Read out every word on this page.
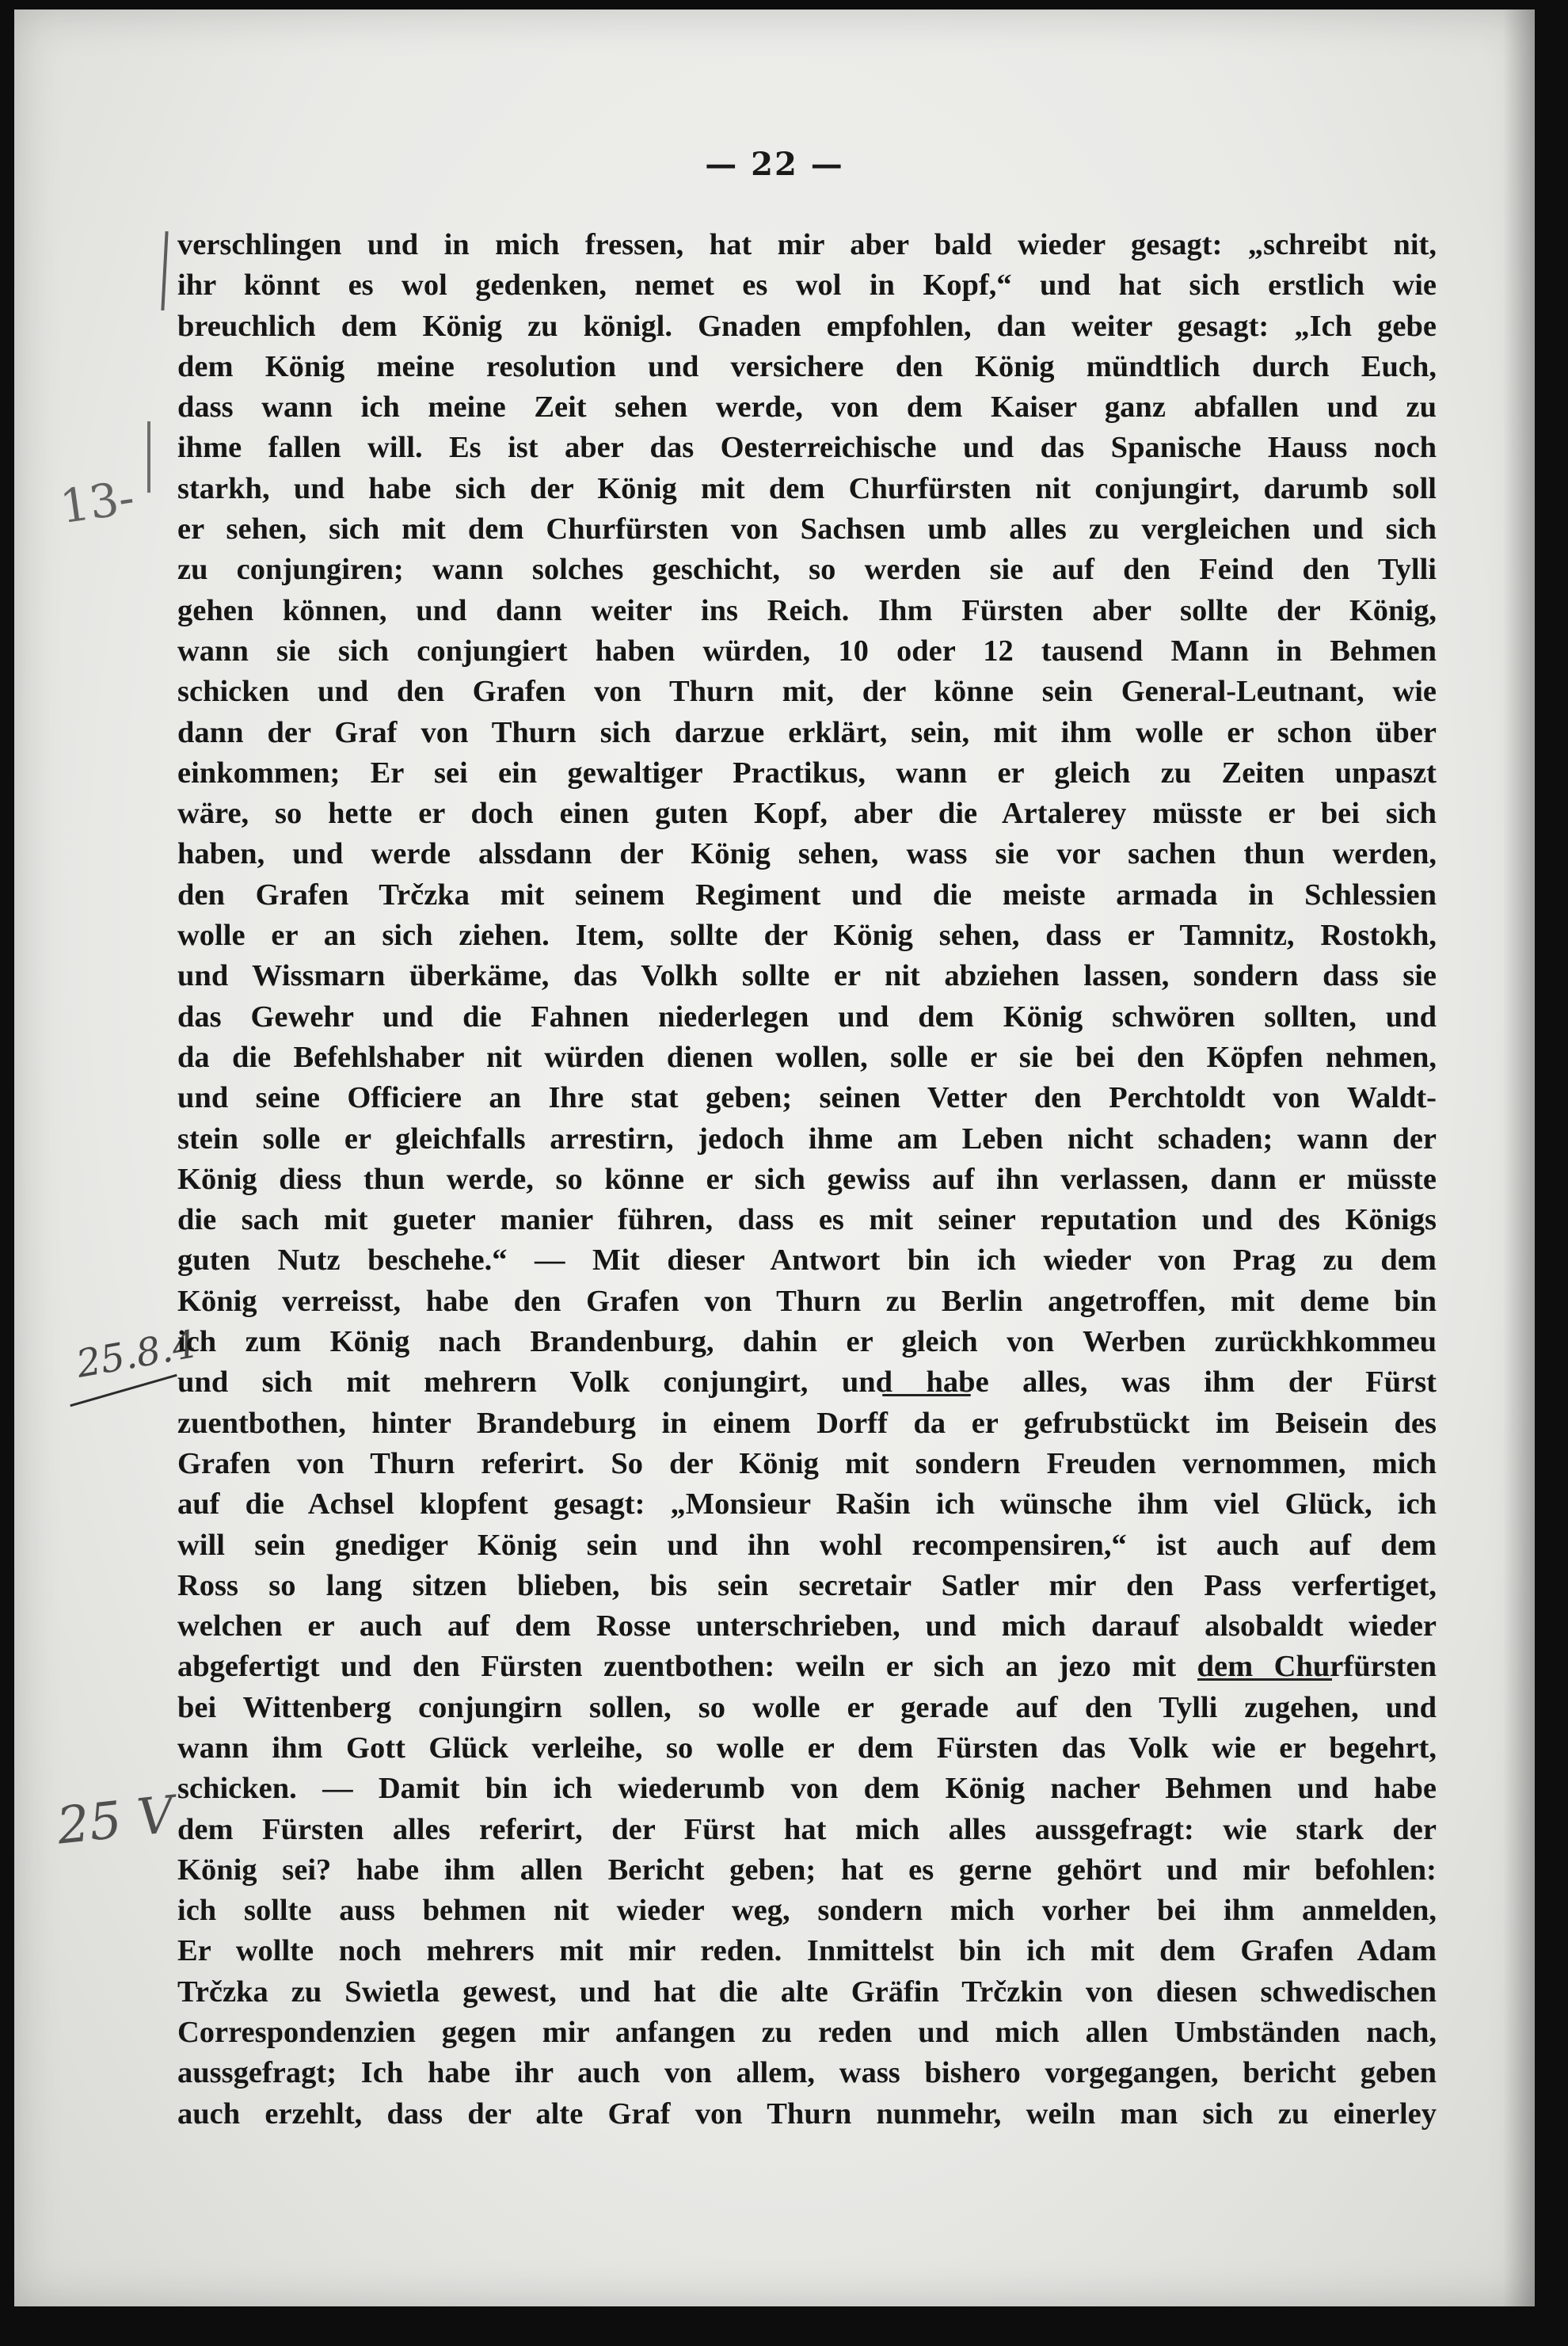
— 22 —
13-
25.8.4
25 V
verschlingen und in mich fressen, hat mir aber bald wieder gesagt: „schreibt nit,
ihr könnt es wol gedenken, nemet es wol in Kopf,“ und hat sich erstlich wie
breuchlich dem König zu königl. Gnaden empfohlen, dan weiter gesagt: „Ich gebe
dem König meine resolution und versichere den König mündtlich durch Euch,
dass wann ich meine Zeit sehen werde, von dem Kaiser ganz abfallen und zu
ihme fallen will. Es ist aber das Oesterreichische und das Spanische Hauss noch
starkh, und habe sich der König mit dem Churfürsten nit conjungirt, darumb soll
er sehen, sich mit dem Churfürsten von Sachsen umb alles zu vergleichen und sich
zu conjungiren; wann solches geschicht, so werden sie auf den Feind den Tylli
gehen können, und dann weiter ins Reich. Ihm Fürsten aber sollte der König,
wann sie sich conjungiert haben würden, 10 oder 12 tausend Mann in Behmen
schicken und den Grafen von Thurn mit, der könne sein General-Leutnant, wie
dann der Graf von Thurn sich darzue erklärt, sein, mit ihm wolle er schon über
einkommen; Er sei ein gewaltiger Practikus, wann er gleich zu Zeiten unpaszt
wäre, so hette er doch einen guten Kopf, aber die Artalerey müsste er bei sich
haben, und werde alssdann der König sehen, wass sie vor sachen thun werden,
den Grafen Trčzka mit seinem Regiment und die meiste armada in Schlessien
wolle er an sich ziehen. Item, sollte der König sehen, dass er Tamnitz, Rostokh,
und Wissmarn überkäme, das Volkh sollte er nit abziehen lassen, sondern dass sie
das Gewehr und die Fahnen niederlegen und dem König schwören sollten, und
da die Befehlshaber nit würden dienen wollen, solle er sie bei den Köpfen nehmen,
und seine Officiere an Ihre stat geben; seinen Vetter den Perchtoldt von Waldt-
stein solle er gleichfalls arrestirn, jedoch ihme am Leben nicht schaden; wann der
König diess thun werde, so könne er sich gewiss auf ihn verlassen, dann er müsste
die sach mit gueter manier führen, dass es mit seiner reputation und des Königs
guten Nutz beschehe.“ — Mit dieser Antwort bin ich wieder von Prag zu dem
König verreisst, habe den Grafen von Thurn zu Berlin angetroffen, mit deme bin
ich zum König nach Brandenburg, dahin er gleich von Werben zurückhkommeu
und sich mit mehrern Volk conjungirt, und habe alles, was ihm der Fürst
zuentbothen, hinter Brandeburg in einem Dorff da er gefrubstückt im Beisein des
Grafen von Thurn referirt. So der König mit sondern Freuden vernommen, mich
auf die Achsel klopfent gesagt: „Monsieur Rašin ich wünsche ihm viel Glück, ich
will sein gnediger König sein und ihn wohl recompensiren,“ ist auch auf dem
Ross so lang sitzen blieben, bis sein secretair Satler mir den Pass verfertiget,
welchen er auch auf dem Rosse unterschrieben, und mich darauf alsobaldt wieder
abgefertigt und den Fürsten zuentbothen: weiln er sich an jezo mit dem Churfürsten
bei Wittenberg conjungirn sollen, so wolle er gerade auf den Tylli zugehen, und
wann ihm Gott Glück verleihe, so wolle er dem Fürsten das Volk wie er begehrt,
schicken. — Damit bin ich wiederumb von dem König nacher Behmen und habe
dem Fürsten alles referirt, der Fürst hat mich alles aussgefragt: wie stark der
König sei? habe ihm allen Bericht geben; hat es gerne gehört und mir befohlen:
ich sollte auss behmen nit wieder weg, sondern mich vorher bei ihm anmelden,
Er wollte noch mehrers mit mir reden. Inmittelst bin ich mit dem Grafen Adam
Trčzka zu Swietla gewest, und hat die alte Gräfin Trčzkin von diesen schwedischen
Correspondenzien gegen mir anfangen zu reden und mich allen Umbständen nach,
aussgefragt; Ich habe ihr auch von allem, wass bishero vorgegangen, bericht geben
auch erzehlt, dass der alte Graf von Thurn nunmehr, weiln man sich zu einerley
